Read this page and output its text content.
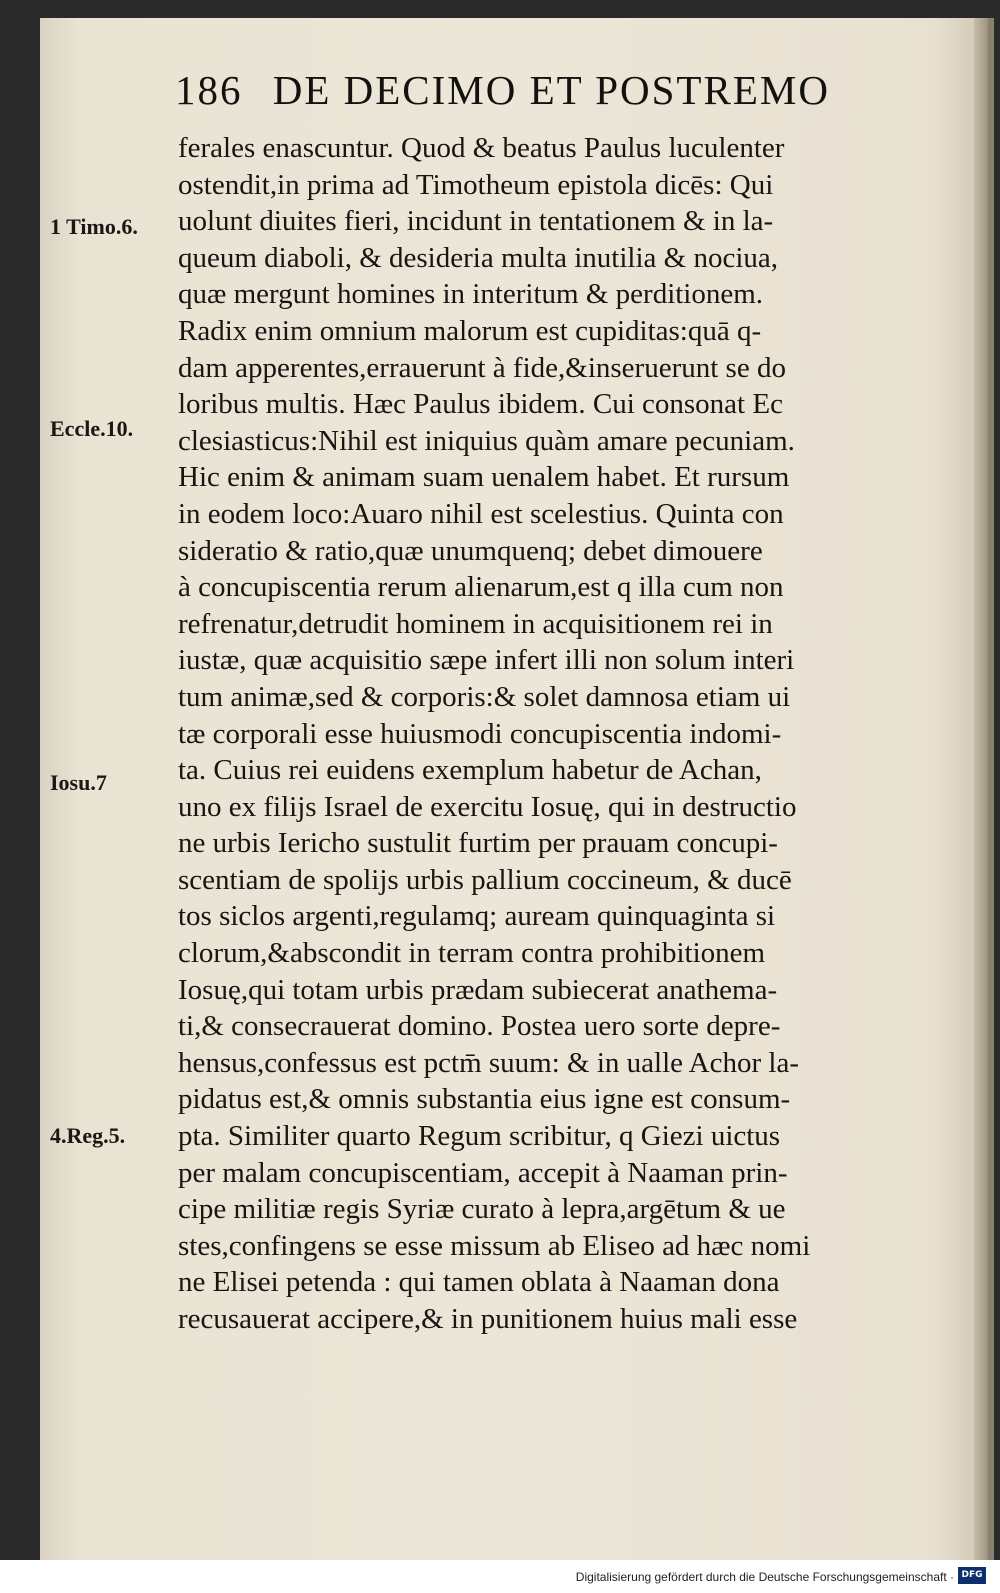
186 DE DECIMO ET POSTREMO
1 Timo.6.
Eccle.10.
Iosu.7
4.Reg.5.
ferales enascuntur. Quod & beatus Paulus luculenter
ostendit,in prima ad Timotheum epistola dicēs: Qui
uolunt diuites fieri, incidunt in tentationem & in la-
queum diaboli, & desideria multa inutilia & nociua,
quæ mergunt homines in interitum & perditionem.
Radix enim omnium malorum est cupiditas:quā q-
dam apperentes,errauerunt à fide,&inseruerunt se do
loribus multis. Hæc Paulus ibidem. Cui consonat Ec
clesiasticus:Nihil est iniquius quàm amare pecuniam.
Hic enim & animam suam uenalem habet. Et rursum
in eodem loco:Auaro nihil est scelestius. Quinta con
sideratio & ratio,quæ unumquenq; debet dimouere
à concupiscentia rerum alienarum,est q illa cum non
refrenatur,detrudit hominem in acquisitionem rei in
iustæ, quæ acquisitio sæpe infert illi non solum interi
tum animæ,sed & corporis:& solet damnosa etiam ui
tæ corporali esse huiusmodi concupiscentia indomi-
ta. Cuius rei euidens exemplum habetur de Achan,
uno ex filijs Israel de exercitu Iosuę, qui in destructio
ne urbis Iericho sustulit furtim per prauam concupi-
scentiam de spolijs urbis pallium coccineum, & ducē
tos siclos argenti,regulamq; auream quinquaginta si
clorum,&abscondit in terram contra prohibitionem
Iosuę,qui totam urbis prædam subiecerat anathema-
ti,& consecrauerat domino. Postea uero sorte depre-
hensus,confessus est pctm̄ suum: & in ualle Achor la-
pidatus est,& omnis substantia eius igne est consum-
pta. Similiter quarto Regum scribitur, q Giezi uictus
per malam concupiscentiam, accepit à Naaman prin-
cipe militiæ regis Syriæ curato à lepra,argētum & ue
stes,confingens se esse missum ab Eliseo ad hæc nomi
ne Elisei petenda : qui tamen oblata à Naaman dona
recusauerat accipere,& in punitionem huius mali esse
Digitalisierung gefördert durch die Deutsche Forschungsgemeinschaft · DFG
